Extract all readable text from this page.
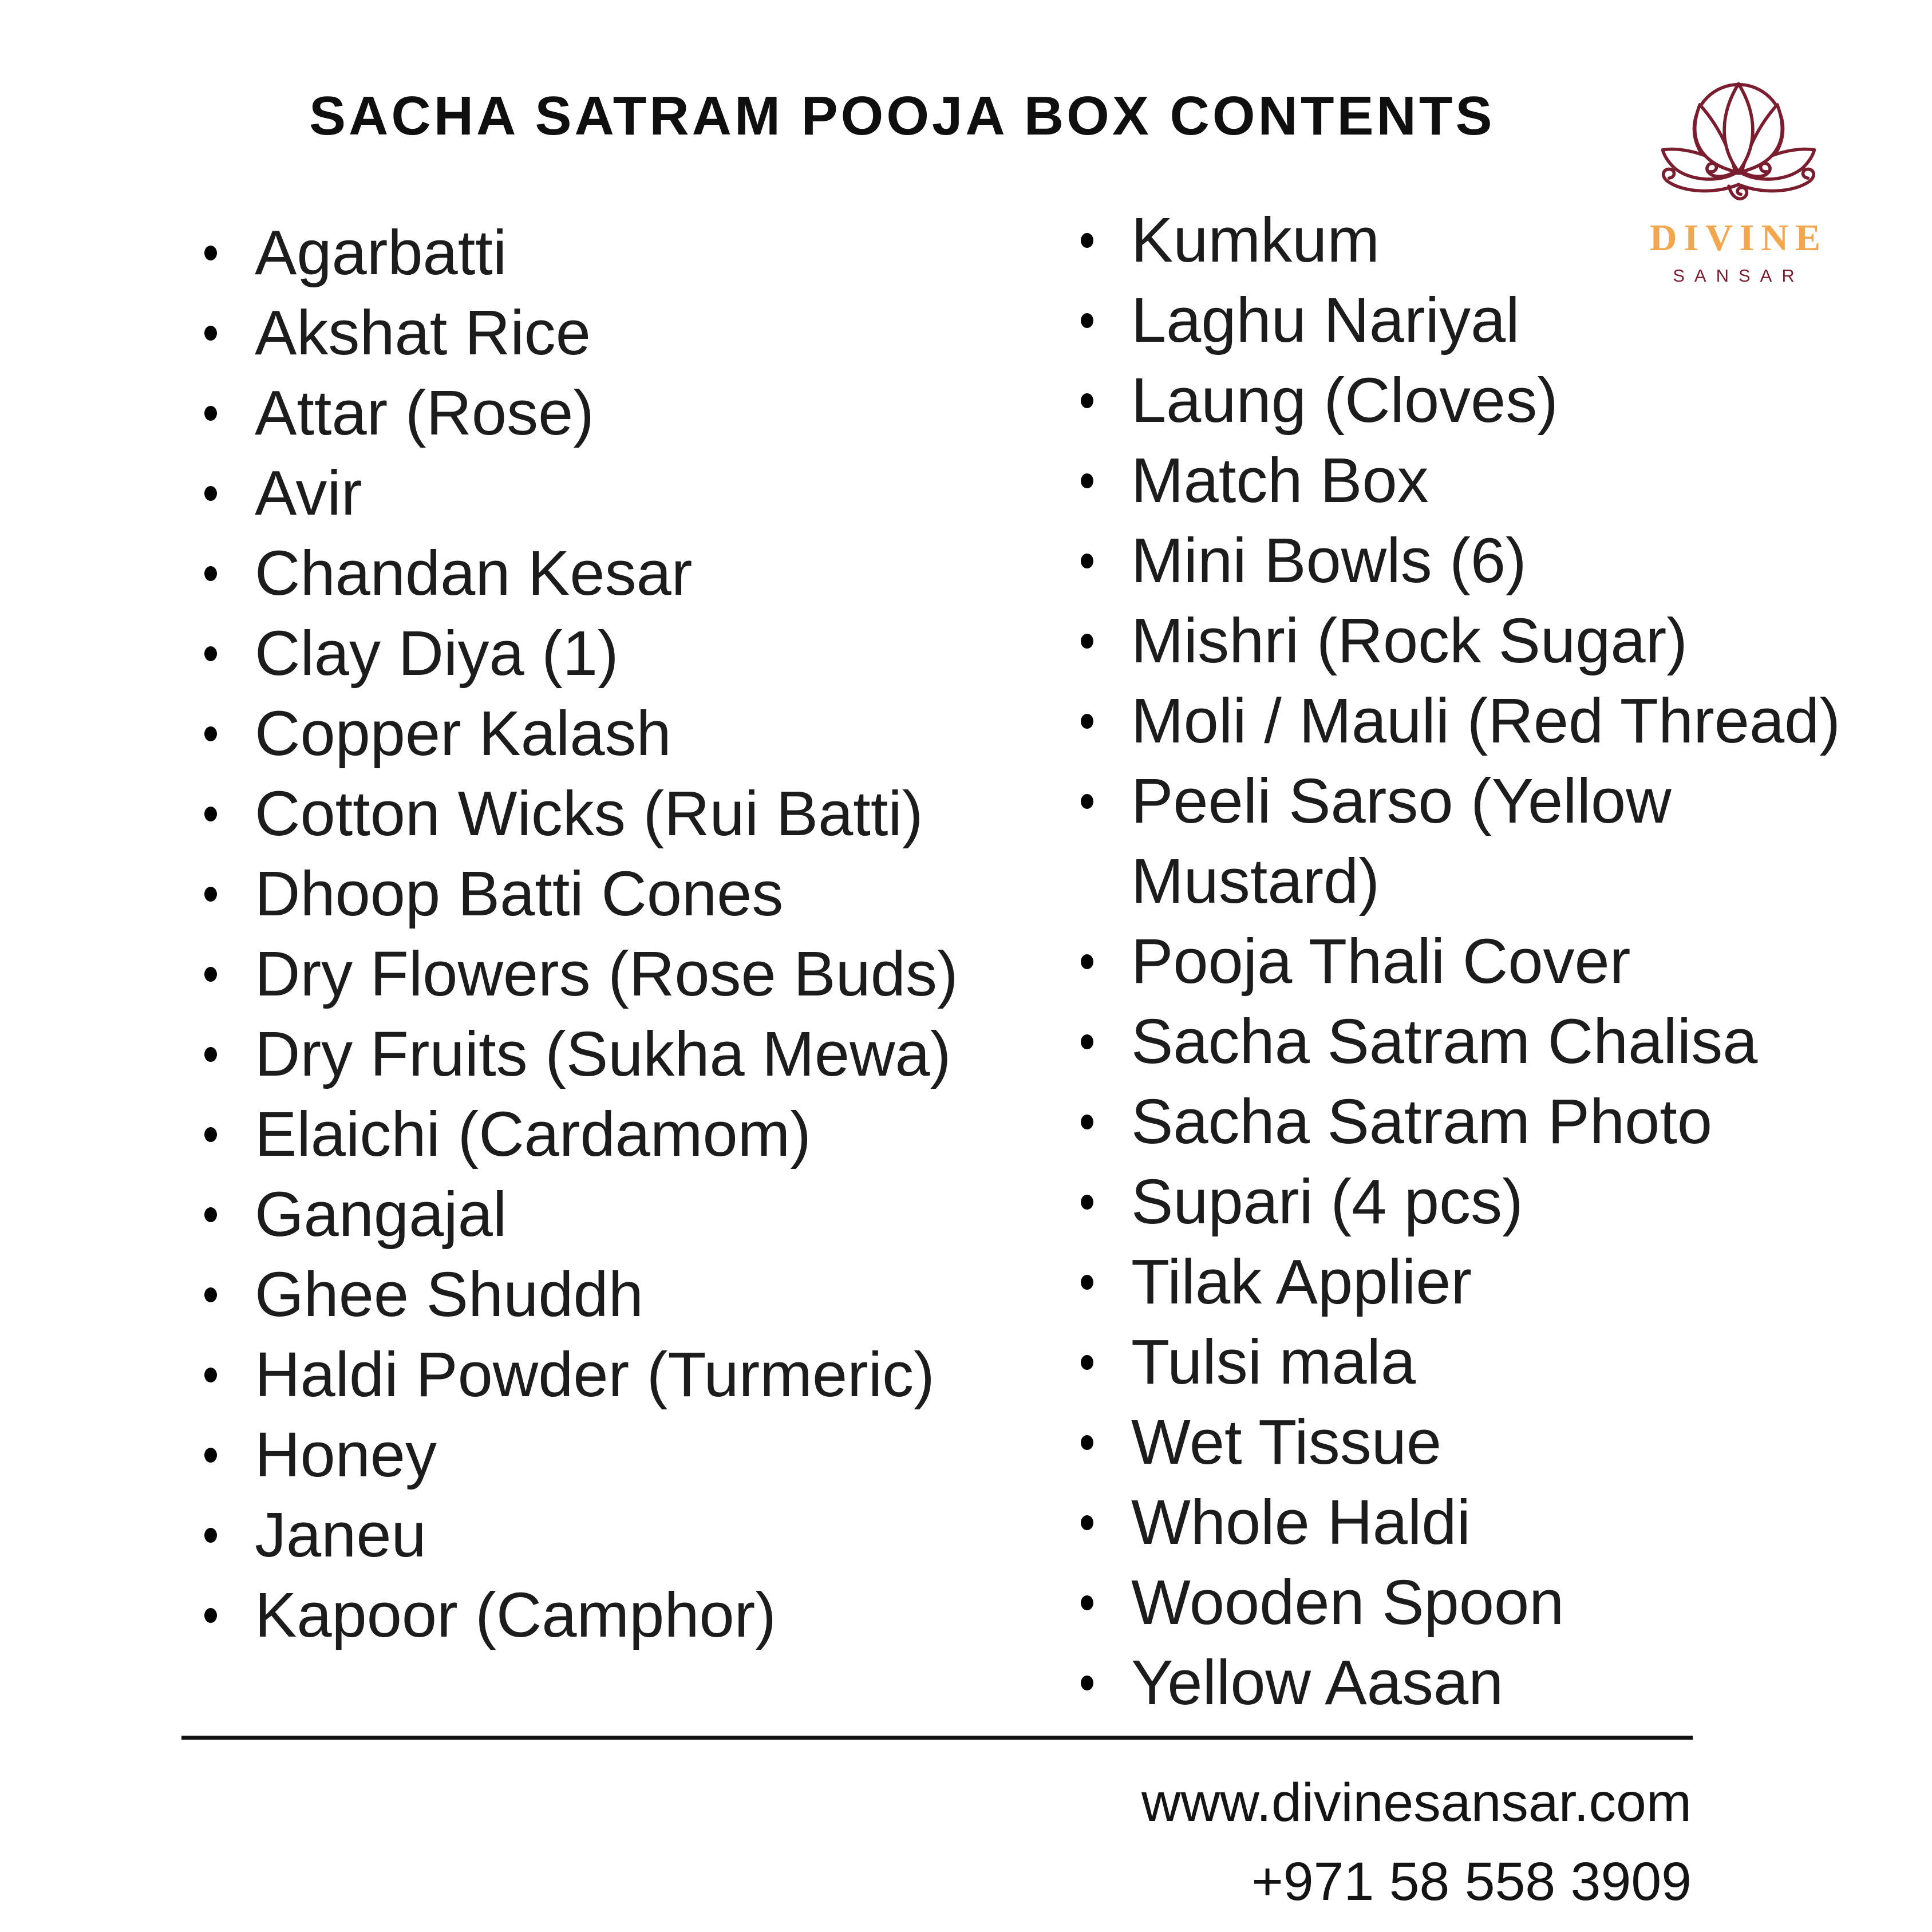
SACHA SATRAM POOJA BOX CONTENTS
DIVINE
SANSAR
Agarbatti
Akshat Rice
Attar (Rose)
Avir
Chandan Kesar
Clay Diya (1)
Copper Kalash
Cotton Wicks (Rui Batti)
Dhoop Batti Cones
Dry Flowers (Rose Buds)
Dry Fruits (Sukha Mewa)
Elaichi (Cardamom)
Gangajal
Ghee Shuddh
Haldi Powder (Turmeric)
Honey
Janeu
Kapoor (Camphor)
Kumkum
Laghu Nariyal
Laung (Cloves)
Match Box
Mini Bowls (6)
Mishri (Rock Sugar)
Moli / Mauli (Red Thread)
Peeli Sarso (Yellow Mustard)
Pooja Thali Cover
Sacha Satram Chalisa
Sacha Satram Photo
Supari (4 pcs)
Tilak Applier
Tulsi mala
Wet Tissue
Whole Haldi
Wooden Spoon
Yellow Aasan
www.divinesansar.com
+971 58 558 3909
